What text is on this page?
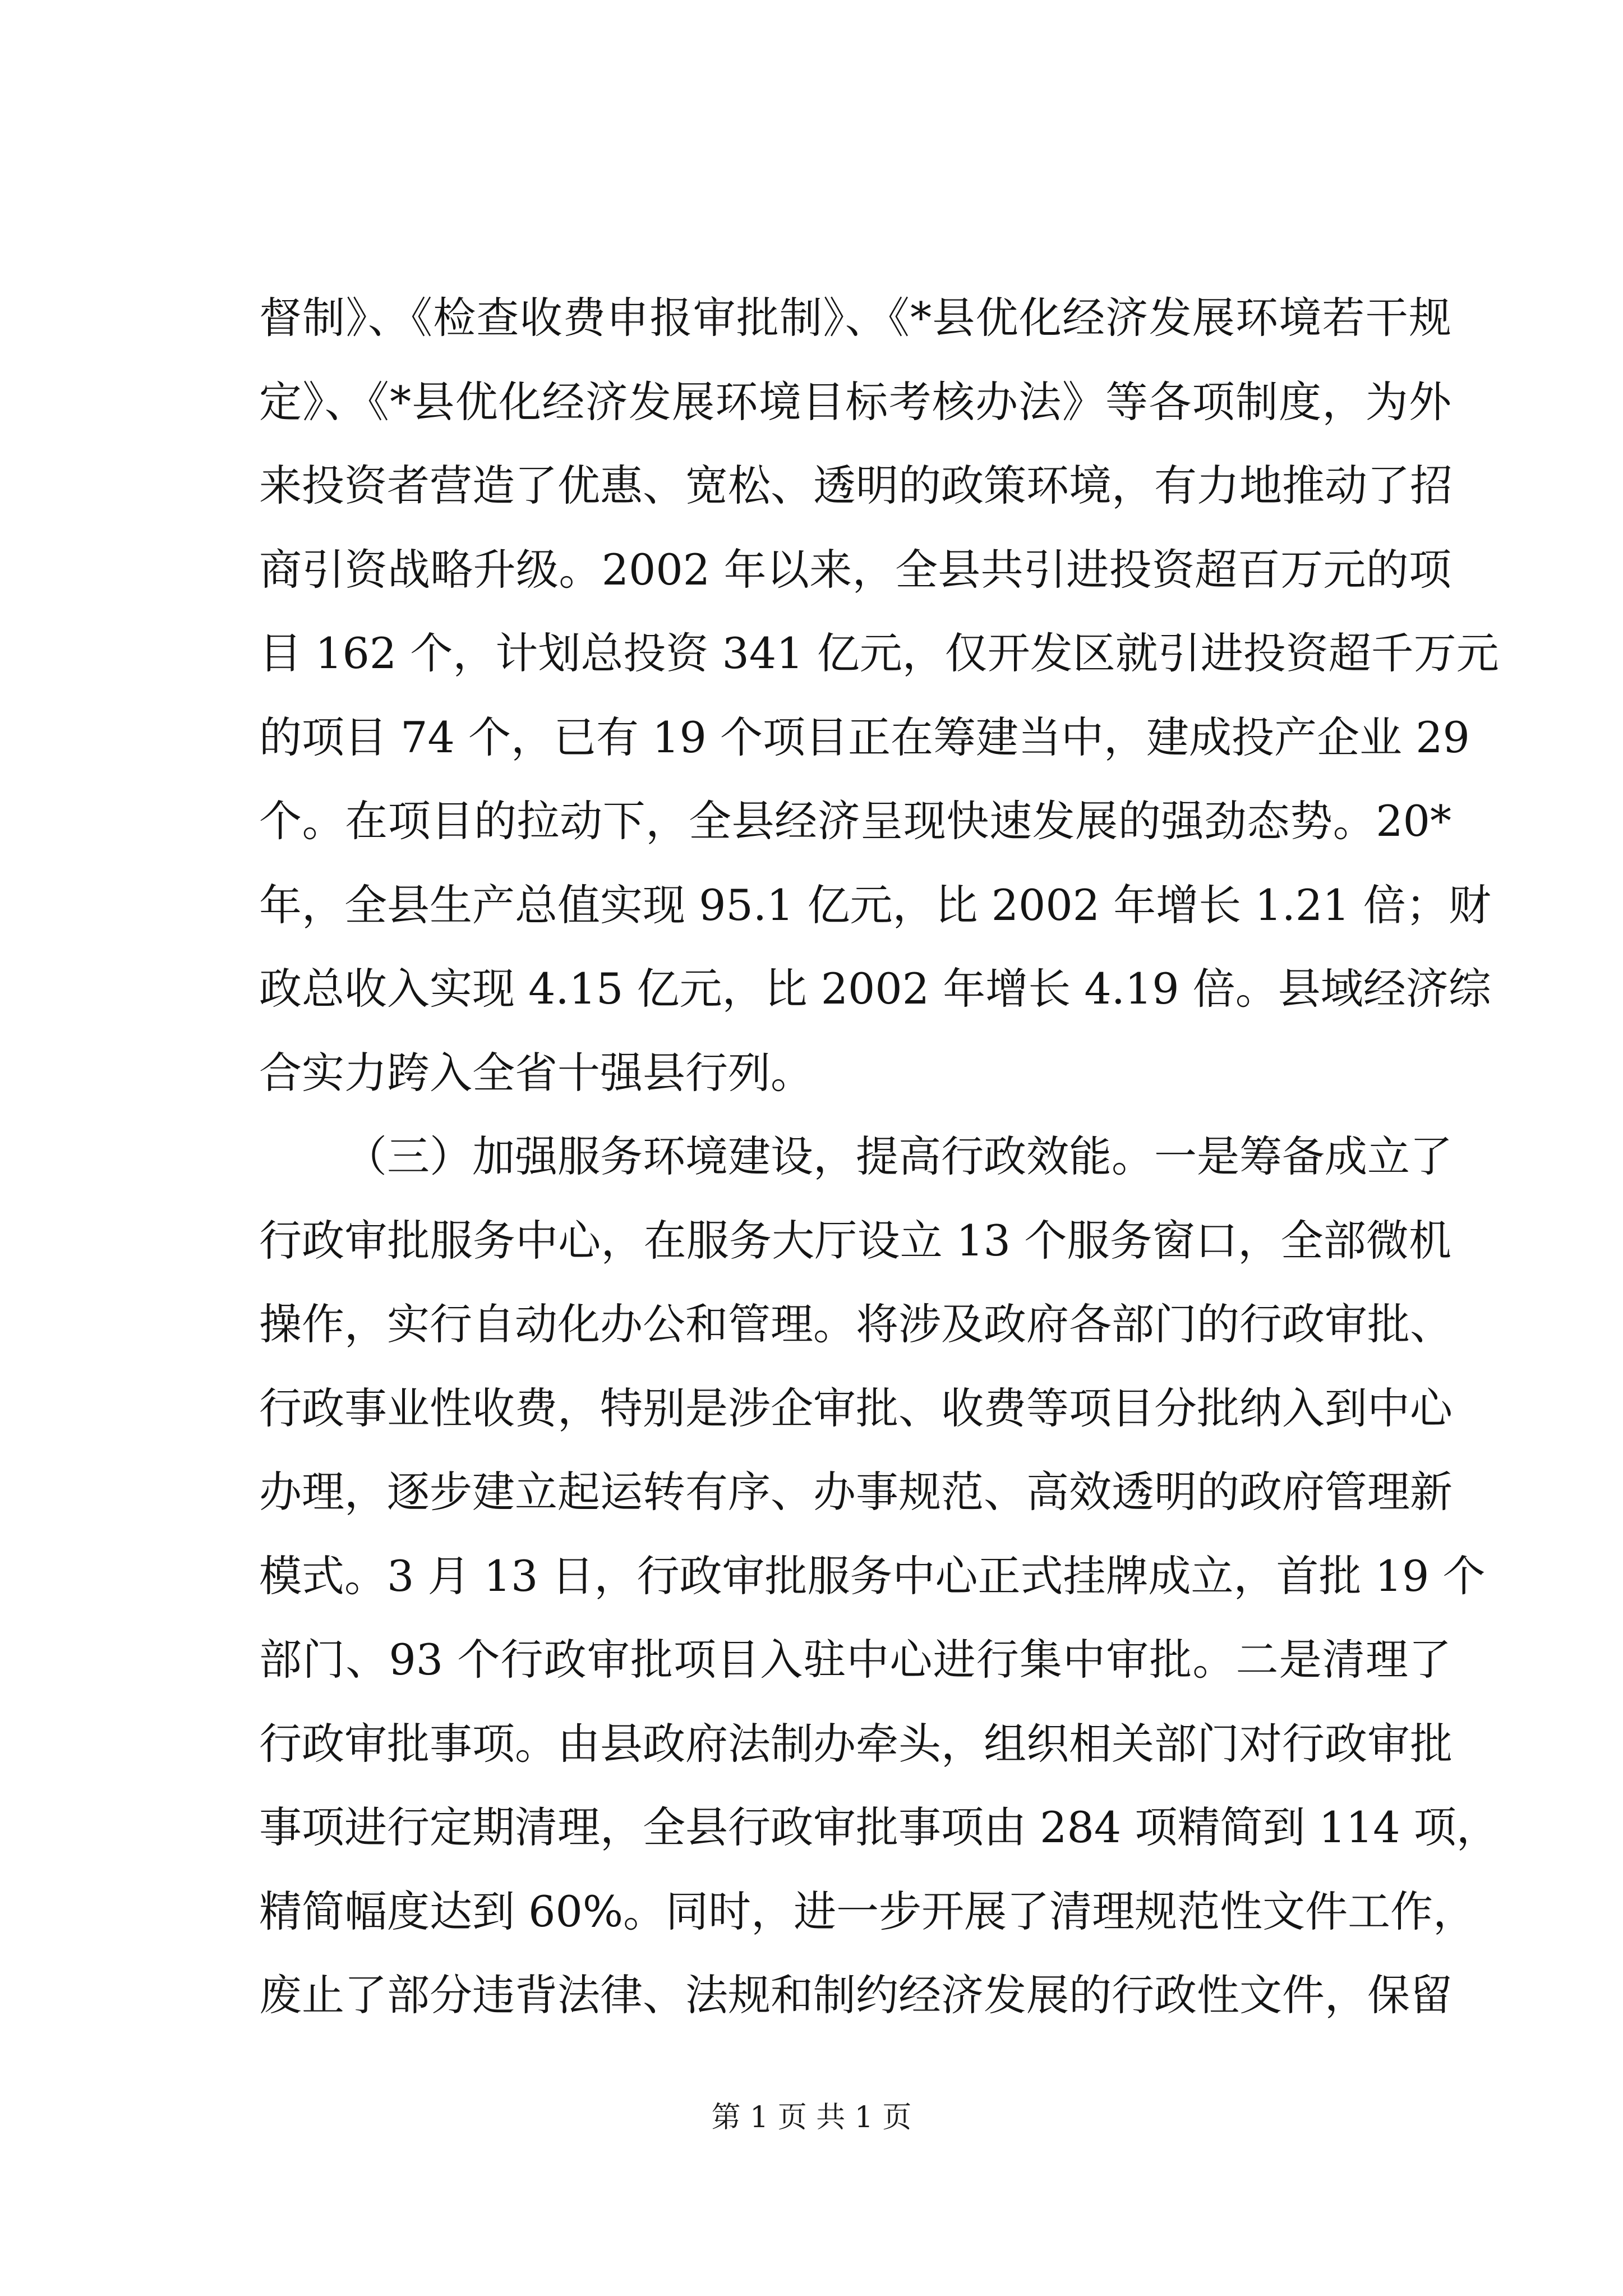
督制》、《检查收费申报审批制》、《*县优化经济发展环境若干规
定》、《*县优化经济发展环境目标考核办法》等各项制度，为外
来投资者营造了优惠、宽松、透明的政策环境，有力地推动了招
商引资战略升级。2002 年以来，全县共引进投资超百万元的项
目 162 个，计划总投资 341 亿元，仅开发区就引进投资超千万元
的项目 74 个，已有 19 个项目正在筹建当中，建成投产企业 29
个。在项目的拉动下，全县经济呈现快速发展的强劲态势。20*
年，全县生产总值实现 95.1 亿元，比 2002 年增长 1.21 倍；财
政总收入实现 4.15 亿元，比 2002 年增长 4.19 倍。县域经济综
合实力跨入全省十强县行列。
（三）加强服务环境建设，提高行政效能。一是筹备成立了
行政审批服务中心，在服务大厅设立 13 个服务窗口，全部微机
操作，实行自动化办公和管理。将涉及政府各部门的行政审批、
行政事业性收费，特别是涉企审批、收费等项目分批纳入到中心
办理，逐步建立起运转有序、办事规范、高效透明的政府管理新
模式。3 月 13 日，行政审批服务中心正式挂牌成立，首批 19 个
部门、93 个行政审批项目入驻中心进行集中审批。二是清理了
行政审批事项。由县政府法制办牵头，组织相关部门对行政审批
事项进行定期清理，全县行政审批事项由 284 项精简到 114 项，
精简幅度达到 60%。同时，进一步开展了清理规范性文件工作，
废止了部分违背法律、法规和制约经济发展的行政性文件，保留
第 1 页 共 1 页
